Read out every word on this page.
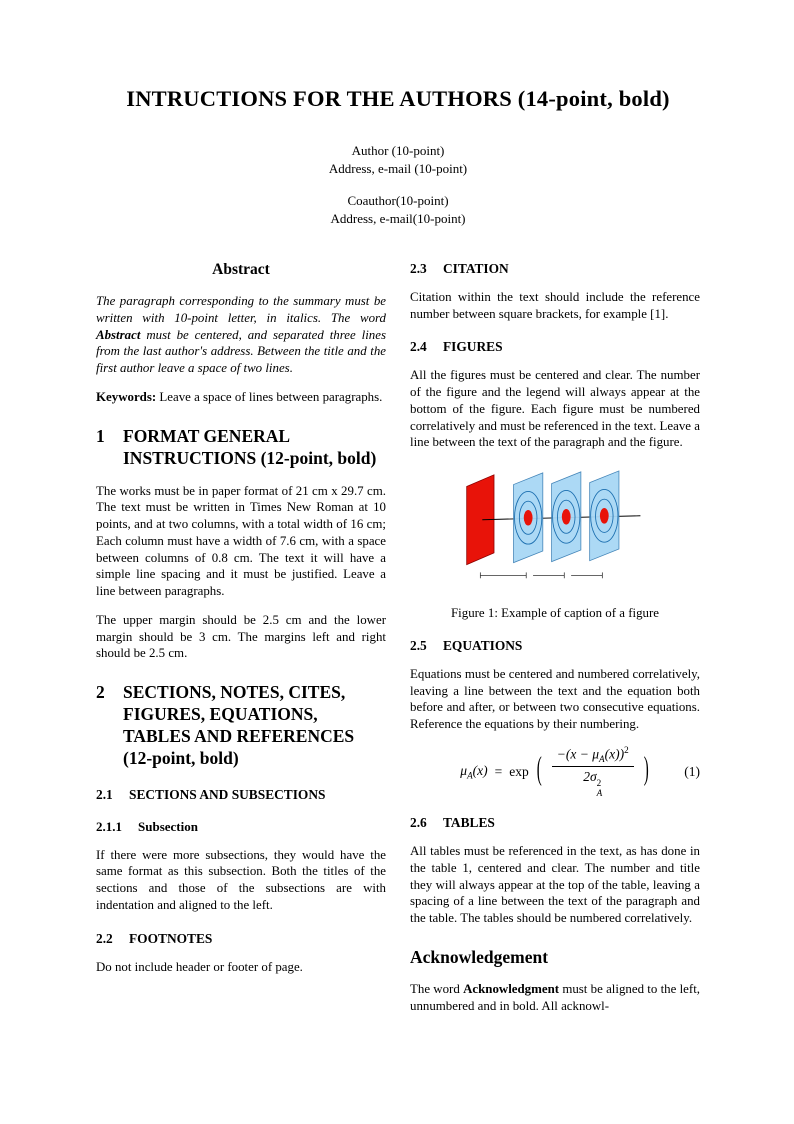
INTRUCTIONS FOR THE AUTHORS (14-point, bold)
Author (10-point)
Address, e-mail (10-point)
Coauthor(10-point)
Address, e-mail(10-point)
Abstract

The paragraph corresponding to the summary must be written with 10-point letter, in italics. The word Abstract must be centered, and separated three lines from the last author's address. Between the title and the first author leave a space of two lines.

Keywords: Leave a space of lines between paragraphs.

1	FORMAT GENERAL INSTRUCTIONS (12-point, bold)

The works must be in paper format of 21 cm x 29.7 cm. The text must be written in Times New Roman at 10 points, and at two columns, with a total width of 16 cm; Each column must have a width of 7.6 cm, with a space between columns of 0.8 cm. The text it will have a simple line spacing and it must be justified. Leave a line between paragraphs.

The upper margin should be 2.5 cm and the lower margin should be 3 cm. The margins left and right should be 2.5 cm.

2	SECTIONS, NOTES, CITES, FIGURES, EQUATIONS, TABLES AND REFERENCES (12-point, bold)
2.1	SECTIONS AND SUBSECTIONS
2.1.1	Subsection

If there were more subsections, they would have the same format as this subsection. Both the titles of the sections and those of the subsections are with indentation and aligned to the left.

2.2	FOOTNOTES

Do not include header or footer of page.

2.3	CITATION

Citation within the text should include the reference number between square brackets, for example [1].

2.4	FIGURES

All the figures must be centered and clear. The number of the figure and the legend will always appear at the bottom of the figure. Each figure must be numbered correlatively and must be referenced in the text. Leave a line between the text of the paragraph and the figure.

Figure 1: Example of caption of a figure
2.5	EQUATIONS

Equations must be centered and numbered correlatively, leaving a line between the text and the equation both before and after, or between two consecutive equations. Reference the equations by their numbering.

$\mu_A(x) = \exp$ ( $-(x - \mu_A(x))^2$
2σ 2
A )	(1)
2.6	TABLES

All tables must be referenced in the text, as has done in the table 1, centered and clear. The number and title they will always appear at the top of the table, leaving a spacing of a line between the text of the paragraph and the table. The tables should be numbered correlatively.

Acknowledgement

The word Acknowledgment must be aligned to the left, unnumbered and in bold. All acknowl-
